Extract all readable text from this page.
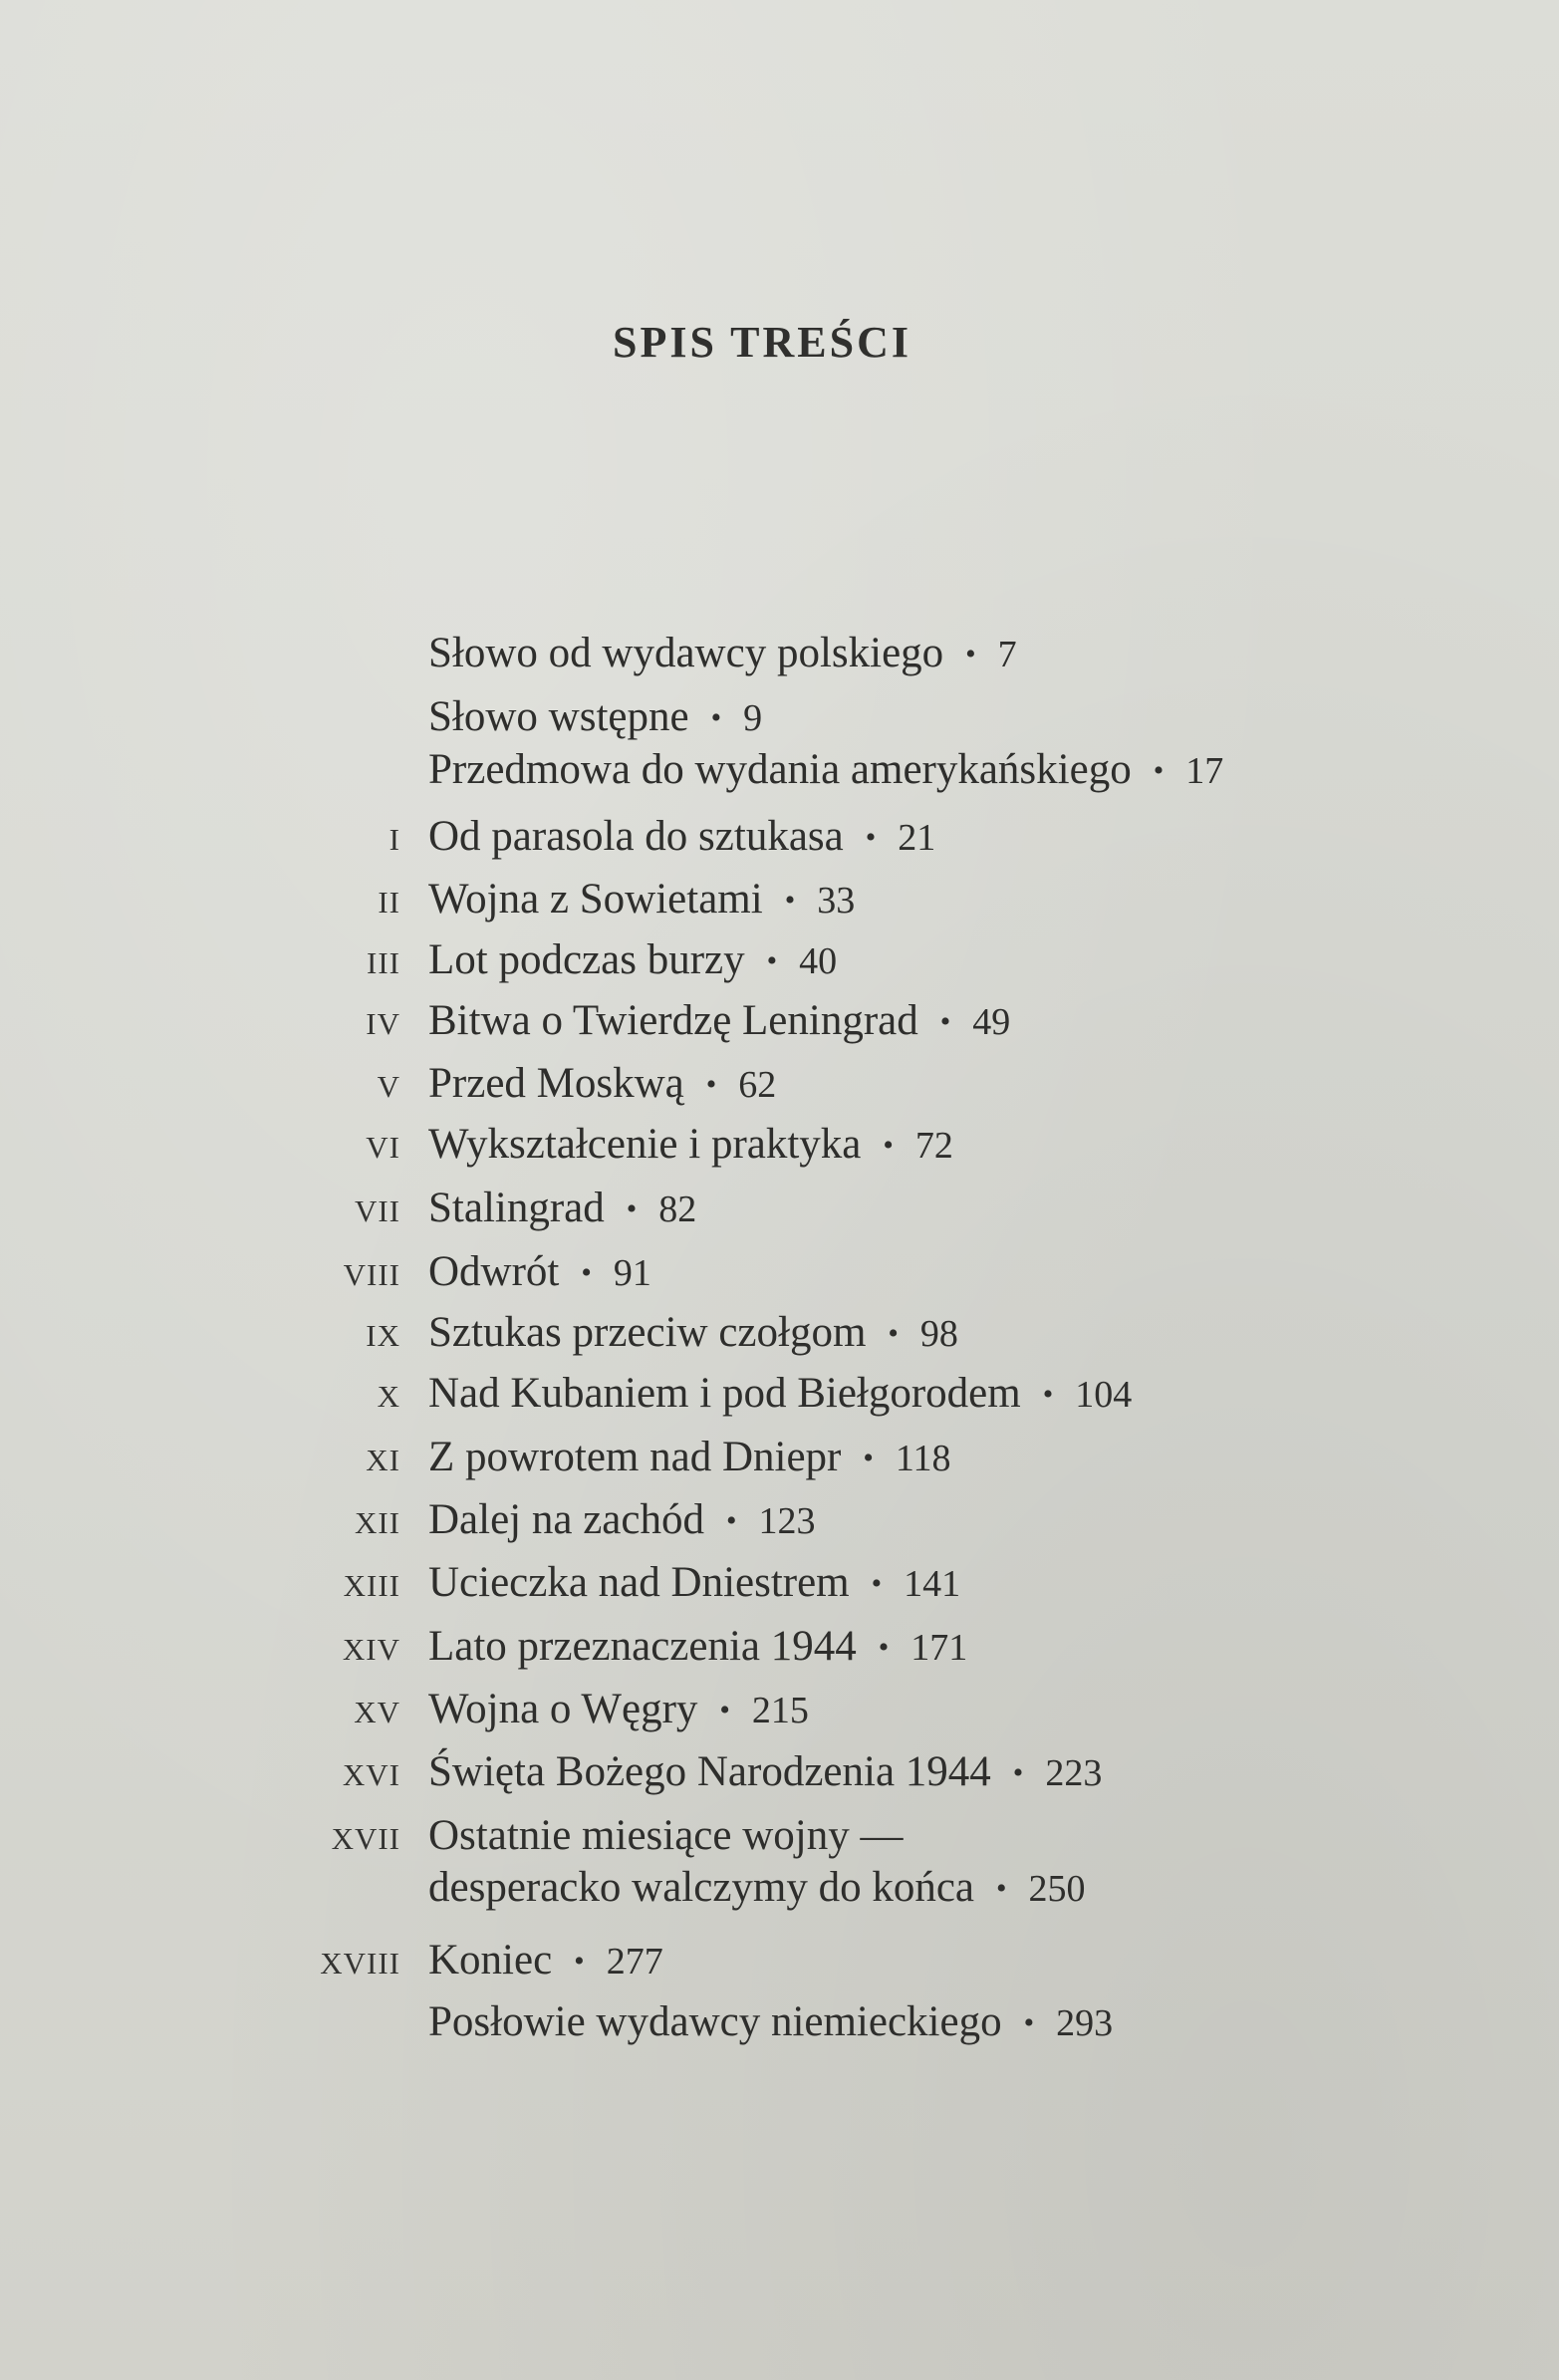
SPIS TREŚCI
Słowo od wydawcy polskiego • 7
Słowo wstępne • 9
Przedmowa do wydania amerykańskiego • 17
I Od parasola do sztukasa • 21
II Wojna z Sowietami • 33
III Lot podczas burzy • 40
IV Bitwa o Twierdzę Leningrad • 49
V Przed Moskwą • 62
VI Wykształcenie i praktyka • 72
VII Stalingrad • 82
VIII Odwrót • 91
IX Sztukas przeciw czołgom • 98
X Nad Kubaniem i pod Biełgorodem • 104
XI Z powrotem nad Dniepr • 118
XII Dalej na zachód • 123
XIII Ucieczka nad Dniestrem • 141
XIV Lato przeznaczenia 1944 • 171
XV Wojna o Węgry • 215
XVI Święta Bożego Narodzenia 1944 • 223
XVII Ostatnie miesiące wojny —
desperacko walczymy do końca • 250
XVIII Koniec • 277
Posłowie wydawcy niemieckiego • 293
